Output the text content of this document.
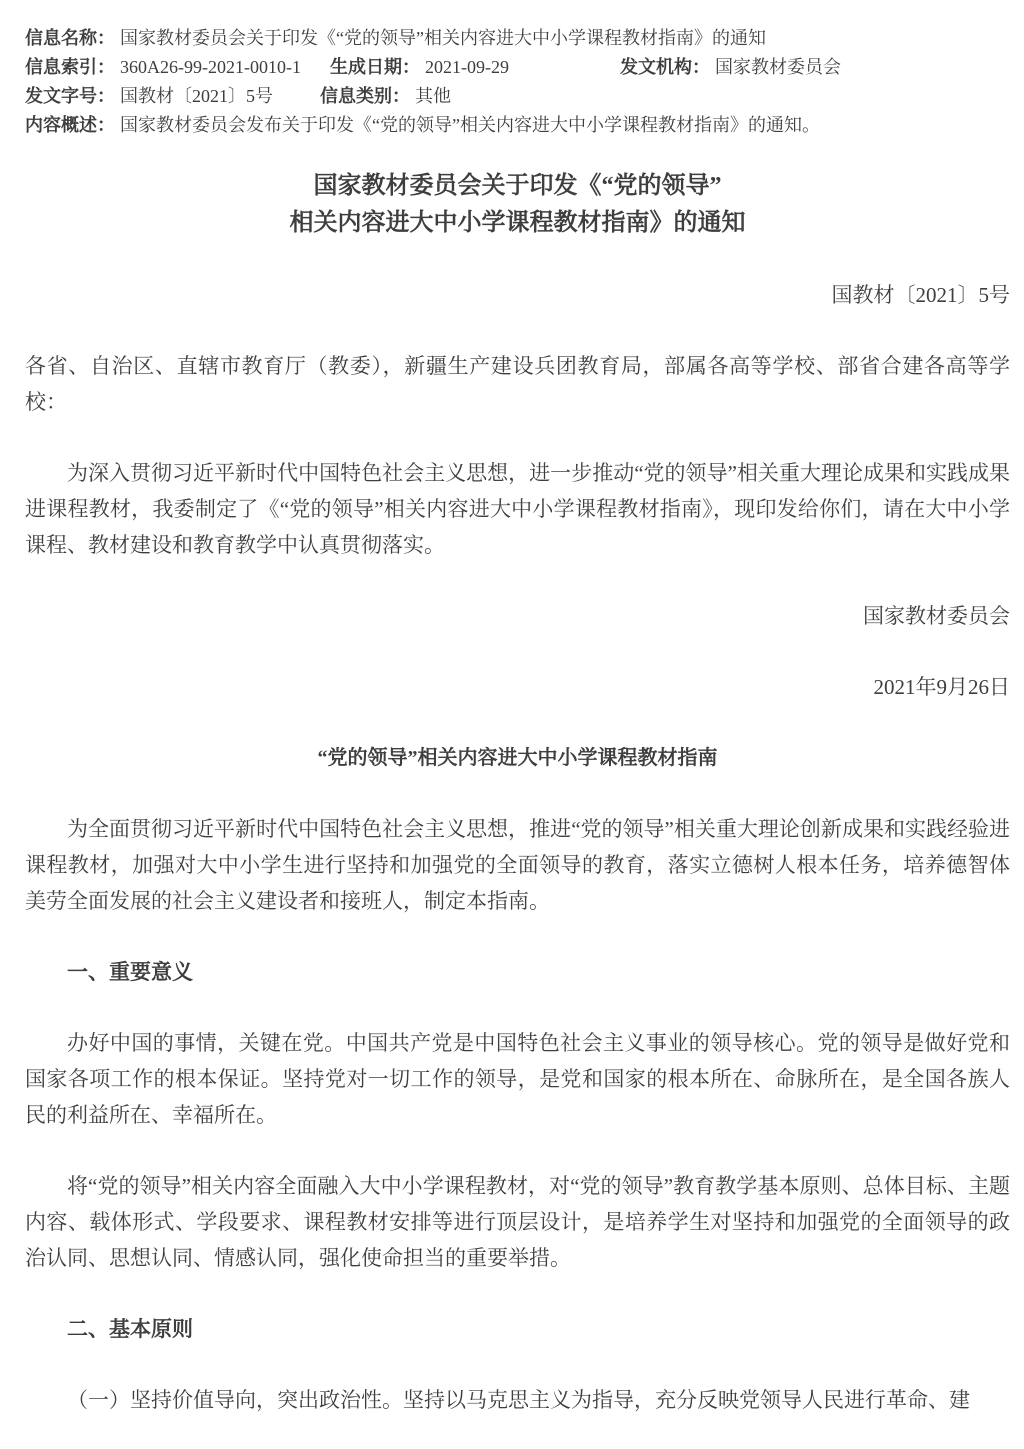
信息名称： 国家教材委员会关于印发《“党的领导”相关内容进大中小学课程教材指南》的通知
信息索引： 360A26-99-2021-0010-1 生成日期： 2021-09-29	发文机构： 国家教材委员会
发文字号： 国教材〔2021〕5号	信息类别： 其他
内容概述： 国家教材委员会发布关于印发《“党的领导”相关内容进大中小学课程教材指南》的通知。
国家教材委员会关于印发《“党的领导”
相关内容进大中小学课程教材指南》的通知

国教材〔2021〕5号

各省、自治区、直辖市教育厅（教委），新疆生产建设兵团教育局，部属各高等学校、部省合建各高等学校：

为深入贯彻习近平新时代中国特色社会主义思想，进一步推动“党的领导”相关重大理论成果和实践成果进课程教材，我委制定了《“党的领导”相关内容进大中小学课程教材指南》，现印发给你们，请在大中小学课程、教材建设和教育教学中认真贯彻落实。

国家教材委员会

2021年9月26日

“党的领导”相关内容进大中小学课程教材指南

为全面贯彻习近平新时代中国特色社会主义思想，推进“党的领导”相关重大理论创新成果和实践经验进课程教材，加强对大中小学生进行坚持和加强党的全面领导的教育，落实立德树人根本任务，培养德智体美劳全面发展的社会主义建设者和接班人，制定本指南。

一、重要意义

办好中国的事情，关键在党。中国共产党是中国特色社会主义事业的领导核心。党的领导是做好党和国家各项工作的根本保证。坚持党对一切工作的领导，是党和国家的根本所在、命脉所在，是全国各族人民的利益所在、幸福所在。

将“党的领导”相关内容全面融入大中小学课程教材，对“党的领导”教育教学基本原则、总体目标、主题内容、载体形式、学段要求、课程教材安排等进行顶层设计，是培养学生对坚持和加强党的全面领导的政治认同、思想认同、情感认同，强化使命担当的重要举措。

二、基本原则

（一）坚持价值导向，突出政治性。坚持以马克思主义为指导，充分反映党领导人民进行革命、建
